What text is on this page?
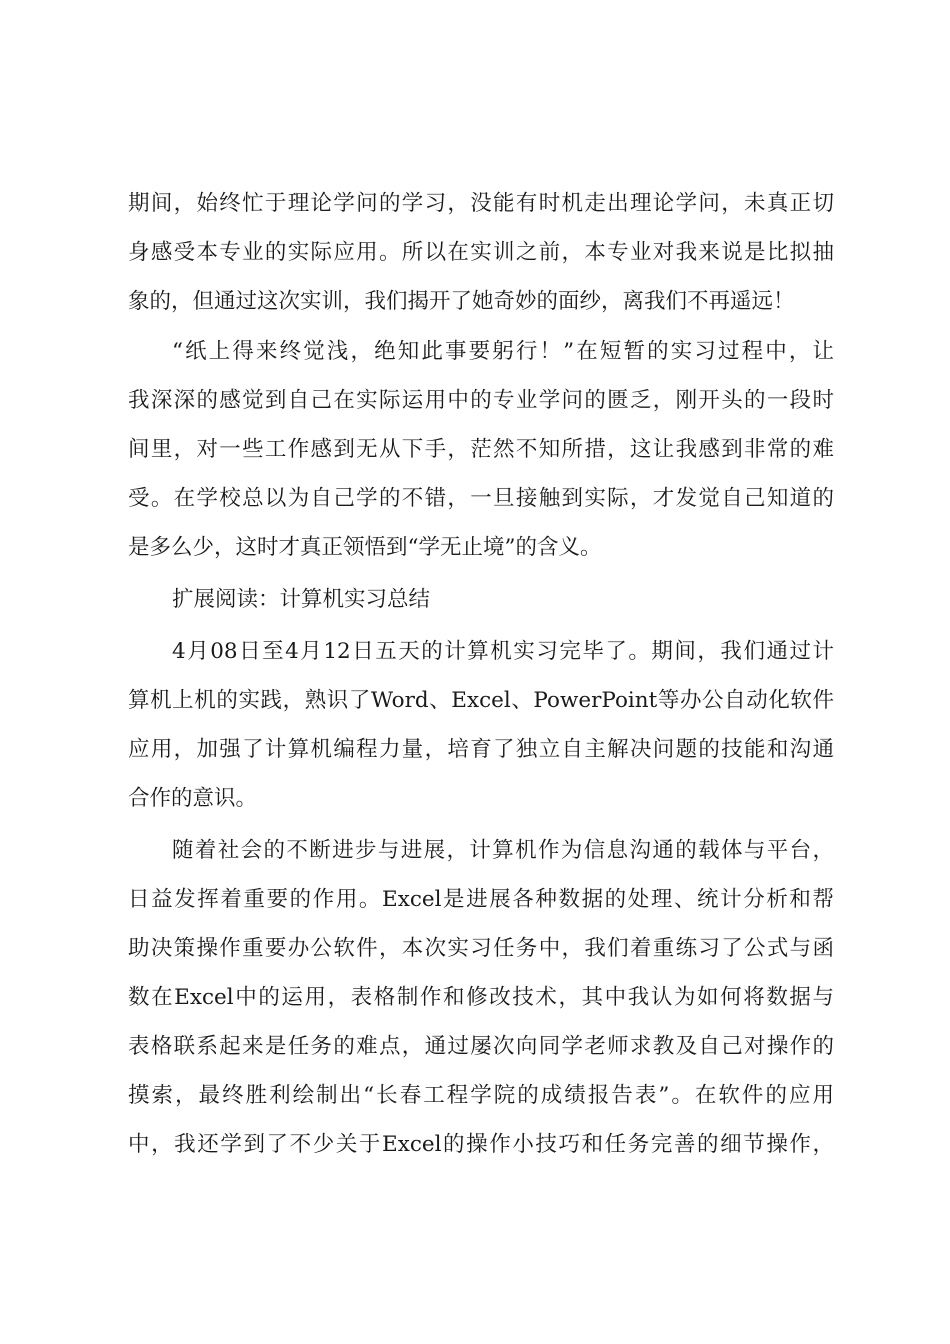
期间，始终忙于理论学问的学习，没能有时机走出理论学问，未真正切
身感受本专业的实际应用。所以在实训之前，本专业对我来说是比拟抽
象的，但通过这次实训，我们揭开了她奇妙的面纱，离我们不再遥远！
“纸上得来终觉浅，绝知此事要躬行！”在短暂的实习过程中，让
我深深的感觉到自己在实际运用中的专业学问的匮乏，刚开头的一段时
间里，对一些工作感到无从下手，茫然不知所措，这让我感到非常的难
受。在学校总以为自己学的不错，一旦接触到实际，才发觉自己知道的
是多么少，这时才真正领悟到“学无止境”的含义。
扩展阅读：计算机实习总结
4月08日至4月12日五天的计算机实习完毕了。期间，我们通过计
算机上机的实践，熟识了Word、Excel、PowerPoint等办公自动化软件
应用，加强了计算机编程力量，培育了独立自主解决问题的技能和沟通
合作的意识。
随着社会的不断进步与进展，计算机作为信息沟通的载体与平台，
日益发挥着重要的作用。Excel是进展各种数据的处理、统计分析和帮
助决策操作重要办公软件，本次实习任务中，我们着重练习了公式与函
数在Excel中的运用，表格制作和修改技术，其中我认为如何将数据与
表格联系起来是任务的难点，通过屡次向同学老师求教及自己对操作的
摸索，最终胜利绘制出“长春工程学院的成绩报告表”。在软件的应用
中，我还学到了不少关于Excel的操作小技巧和任务完善的细节操作，
